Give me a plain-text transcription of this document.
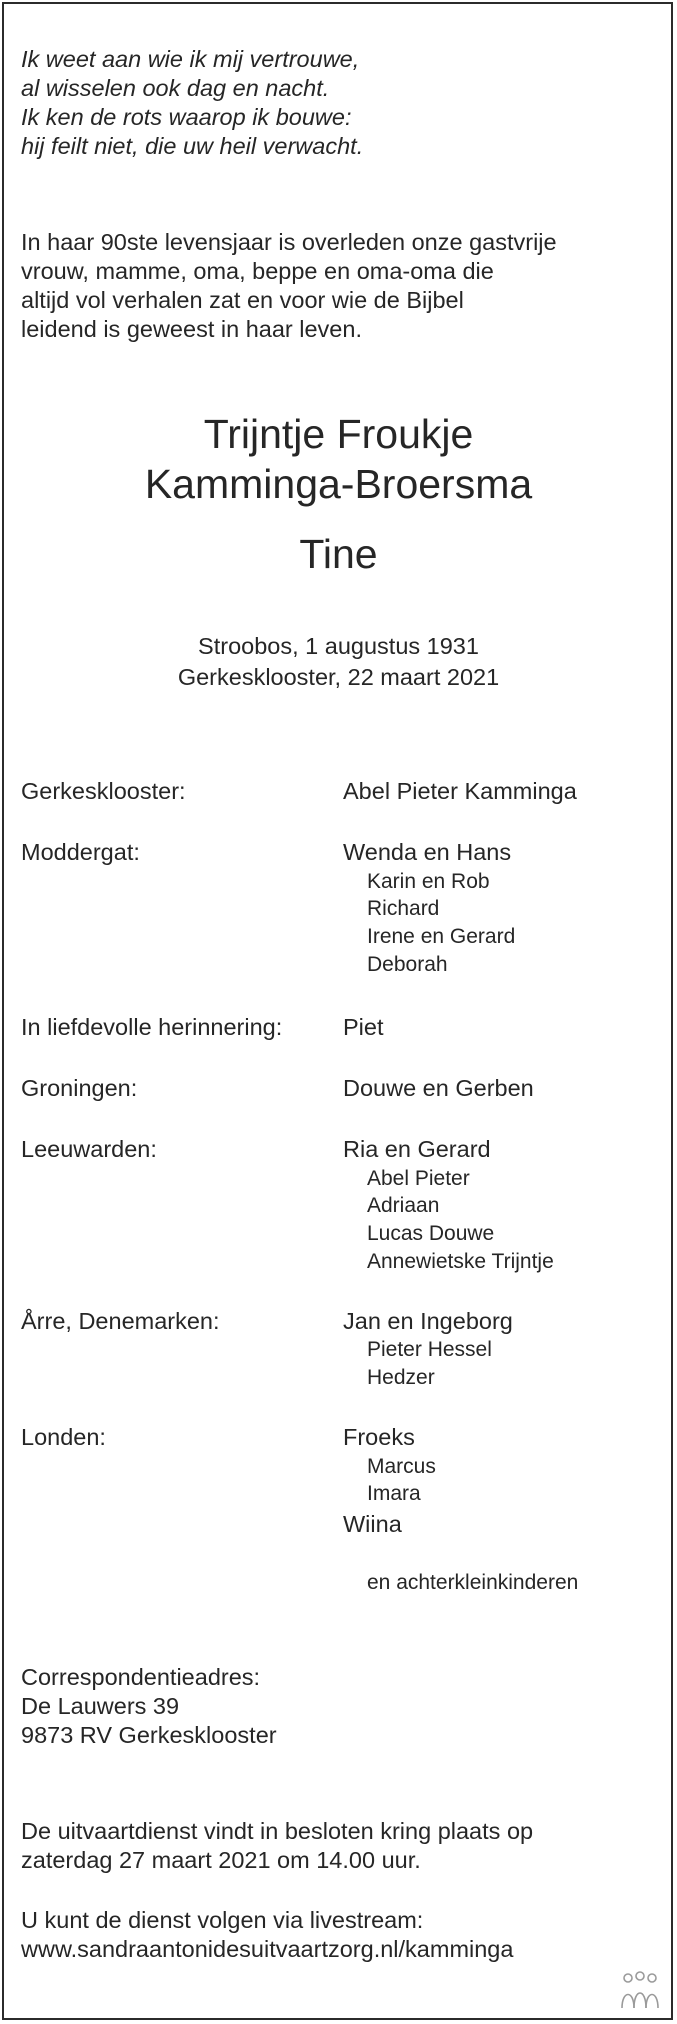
Ik weet aan wie ik mij vertrouwe,
al wisselen ook dag en nacht.
Ik ken de rots waarop ik bouwe:
hij feilt niet, die uw heil verwacht.
In haar 90ste levensjaar is overleden onze gastvrije
vrouw, mamme, oma, beppe en oma-oma die
altijd vol verhalen zat en voor wie de Bijbel
leidend is geweest in haar leven.
Trijntje Froukje
Kamminga-Broersma
Tine
Stroobos, 1 augustus 1931
Gerkesklooster, 22 maart 2021
Gerkesklooster:	Abel Pieter Kamminga
Moddergat:	Wenda en Hans
Karin en Rob
Richard
Irene en Gerard
Deborah
In liefdevolle herinnering:	Piet
Groningen:	Douwe en Gerben
Leeuwarden:	Ria en Gerard
Abel Pieter
Adriaan
Lucas Douwe
Annewietske Trijntje
Årre, Denemarken:	Jan en Ingeborg
Pieter Hessel
Hedzer
Londen:	Froeks
Marcus
Imara
Wiina
en achterkleinkinderen
Correspondentieadres:
De Lauwers 39
9873 RV Gerkesklooster
De uitvaartdienst vindt in besloten kring plaats op
zaterdag 27 maart 2021 om 14.00 uur.
U kunt de dienst volgen via livestream:
www.sandraantonidesuitvaartzorg.nl/kamminga
